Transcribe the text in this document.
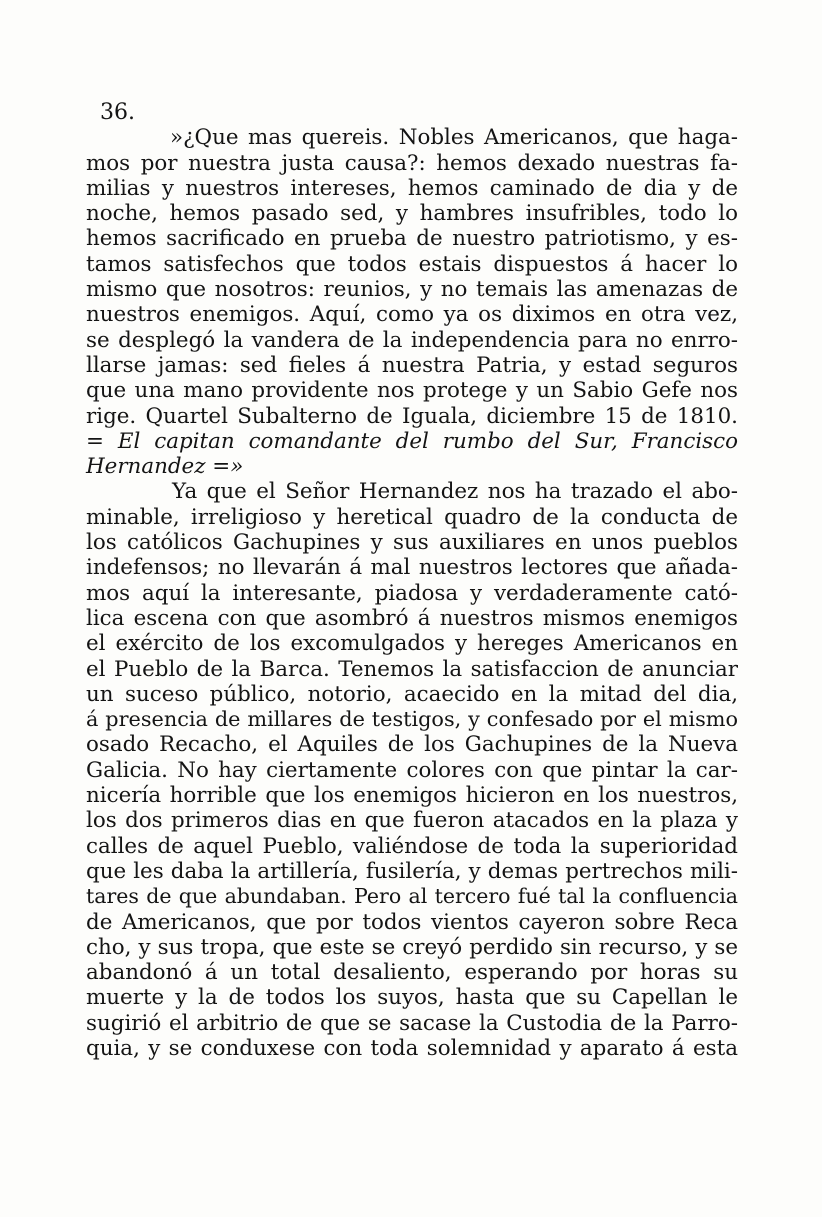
36.
»¿Que mas quereis. Nobles Americanos, que haga-
mos por nuestra justa causa?: hemos dexado nuestras fa-
milias y nuestros intereses, hemos caminado de dia y de
noche, hemos pasado sed, y hambres insufribles, todo lo
hemos sacrificado en prueba de nuestro patriotismo, y es-
tamos satisfechos que todos estais dispuestos á hacer lo
mismo que nosotros: reunios, y no temais las amenazas de
nuestros enemigos. Aquí, como ya os diximos en otra vez,
se desplegó la vandera de la independencia para no enrro-
llarse jamas: sed fieles á nuestra Patria, y estad seguros
que una mano providente nos protege y un Sabio Gefe nos
rige. Quartel Subalterno de Iguala, diciembre 15 de 1810.
= El capitan comandante del rumbo del Sur, Francisco
Hernandez =»
Ya que el Señor Hernandez nos ha trazado el abo-
minable, irreligioso y heretical quadro de la conducta de
los católicos Gachupines y sus auxiliares en unos pueblos
indefensos; no llevarán á mal nuestros lectores que añada-
mos aquí la interesante, piadosa y verdaderamente cató-
lica escena con que asombró á nuestros mismos enemigos
el exército de los excomulgados y hereges Americanos en
el Pueblo de la Barca. Tenemos la satisfaccion de anunciar
un suceso público, notorio, acaecido en la mitad del dia,
á presencia de millares de testigos, y confesado por el mismo
osado Recacho, el Aquiles de los Gachupines de la Nueva
Galicia. No hay ciertamente colores con que pintar la car-
nicería horrible que los enemigos hicieron en los nuestros,
los dos primeros dias en que fueron atacados en la plaza y
calles de aquel Pueblo, valiéndose de toda la superioridad
que les daba la artillería, fusilería, y demas pertrechos mili-
tares de que abundaban. Pero al tercero fué tal la confluencia
de Americanos, que por todos vientos cayeron sobre Reca
cho, y sus tropa, que este se creyó perdido sin recurso, y se
abandonó á un total desaliento, esperando por horas su
muerte y la de todos los suyos, hasta que su Capellan le
sugirió el arbitrio de que se sacase la Custodia de la Parro-
quia, y se conduxese con toda solemnidad y aparato á esta
